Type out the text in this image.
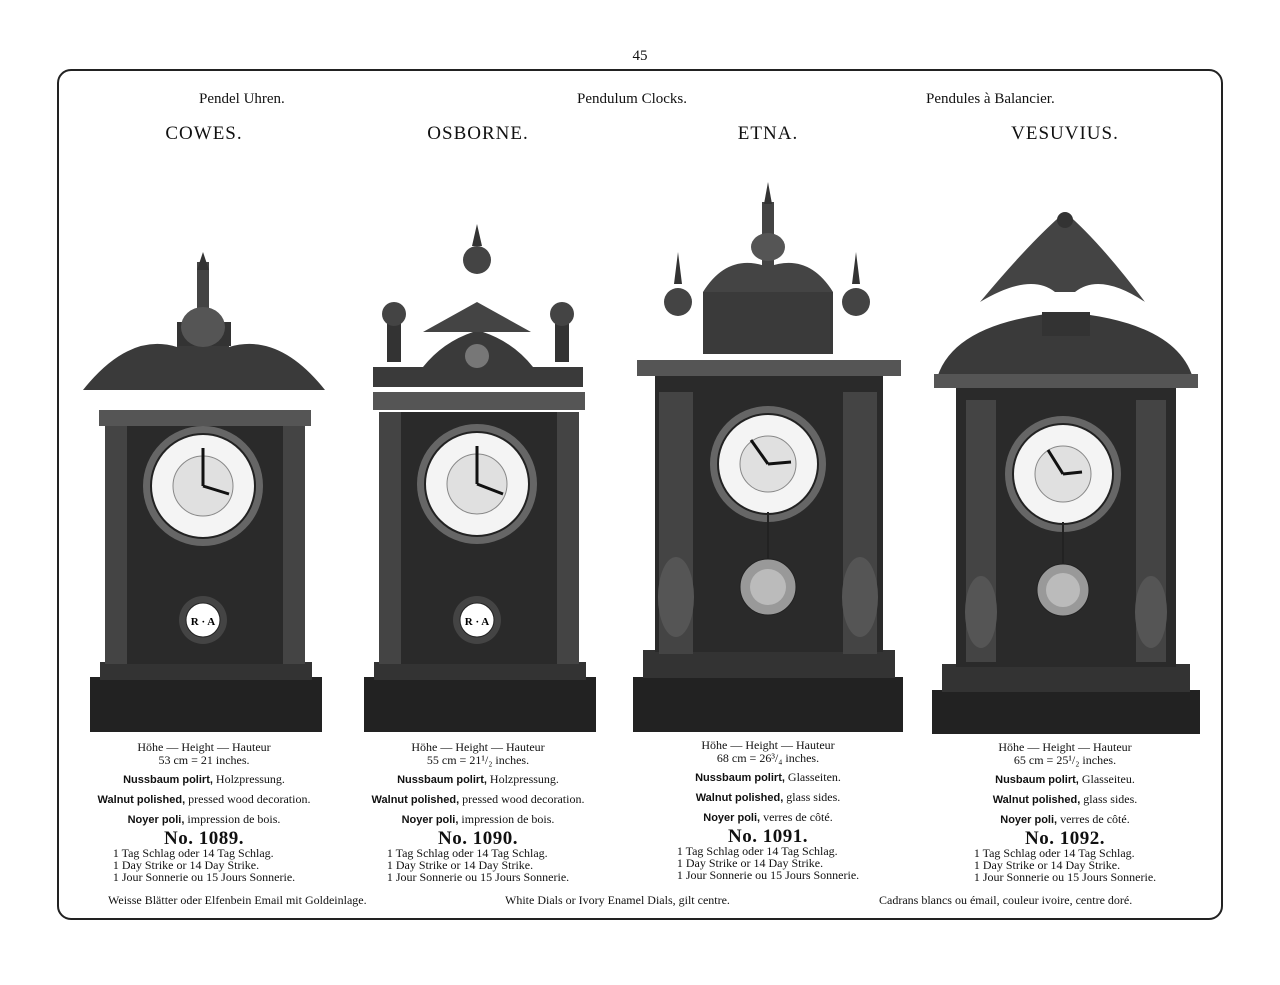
45
Pendel Uhren.	Pendulum Clocks.	Pendules à Balancier.
COWES.
R · A
Höhe — Height — Hauteur
53 cm = 21 inches.
Nussbaum polirt, Holzpressung.
Walnut polished, pressed wood decoration.
Noyer poli, impression de bois.
No. 1089.
1 Tag Schlag oder 14 Tag Schlag.
1 Day Strike or 14 Day Strike.
1 Jour Sonnerie ou 15 Jours Sonnerie.
OSBORNE.
R · A
Höhe — Height — Hauteur
55 cm = 21¹/₂ inches.
Nussbaum polirt, Holzpressung.
Walnut polished, pressed wood decoration.
Noyer poli, impression de bois.
No. 1090.
1 Tag Schlag oder 14 Tag Schlag.
1 Day Strike or 14 Day Strike.
1 Jour Sonnerie ou 15 Jours Sonnerie.
ETNA.
Höhe — Height — Hauteur
68 cm = 26³/₄ inches.
Nussbaum polirt, Glasseiten.
Walnut polished, glass sides.
Noyer poli, verres de côté.
No. 1091.
1 Tag Schlag oder 14 Tag Schlag.
1 Day Strike or 14 Day Strike.
1 Jour Sonnerie ou 15 Jours Sonnerie.
VESUVIUS.
Höhe — Height — Hauteur
65 cm = 25¹/₂ inches.
Nusbaum polirt, Glasseiteu.
Walnut polished, glass sides.
Noyer poli, verres de côté.
No. 1092.
1 Tag Schlag oder 14 Tag Schlag.
1 Day Strike or 14 Day Strike.
1 Jour Sonnerie ou 15 Jours Sonnerie.
Weisse Blätter oder Elfenbein Email mit Goldeinlage.	White Dials or Ivory Enamel Dials, gilt centre.	Cadrans blancs ou émail, couleur ivoire, centre doré.
